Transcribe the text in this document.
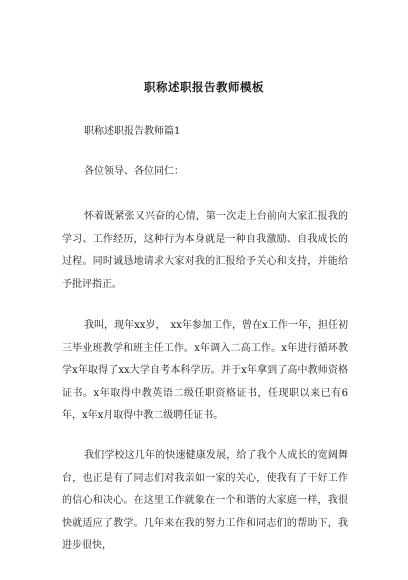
职称述职报告教师模板

职称述职报告教师篇1

各位领导、各位同仁：

怀着既紧张又兴奋的心情，第一次走上台前向大家汇报我的学习、工作经历，这种行为本身就是一种自我激励、自我成长的过程。同时诚恳地请求大家对我的汇报给予关心和支持，并能给予批评指正。

我叫，现年xx岁，　xx年参加工作，曾在x工作一年，担任初三毕业班教学和班主任工作。x年调入二高工作。x年进行循环教学x年取得了xx大学自考本科学历。并于x年拿到了高中教师资格证书。x年取得中教英语二级任职资格证书，任现职以来已有6年，x年x月取得中教二级聘任证书。

我们学校这几年的快速健康发展，给了我个人成长的宽阔舞台，也正是有了同志们对我亲如一家的关心，使我有了干好工作的信心和决心。在这里工作就象在一个和谐的大家庭一样，我很快就适应了教学。几年来在我的努力工作和同志们的帮助下，我进步很快，
